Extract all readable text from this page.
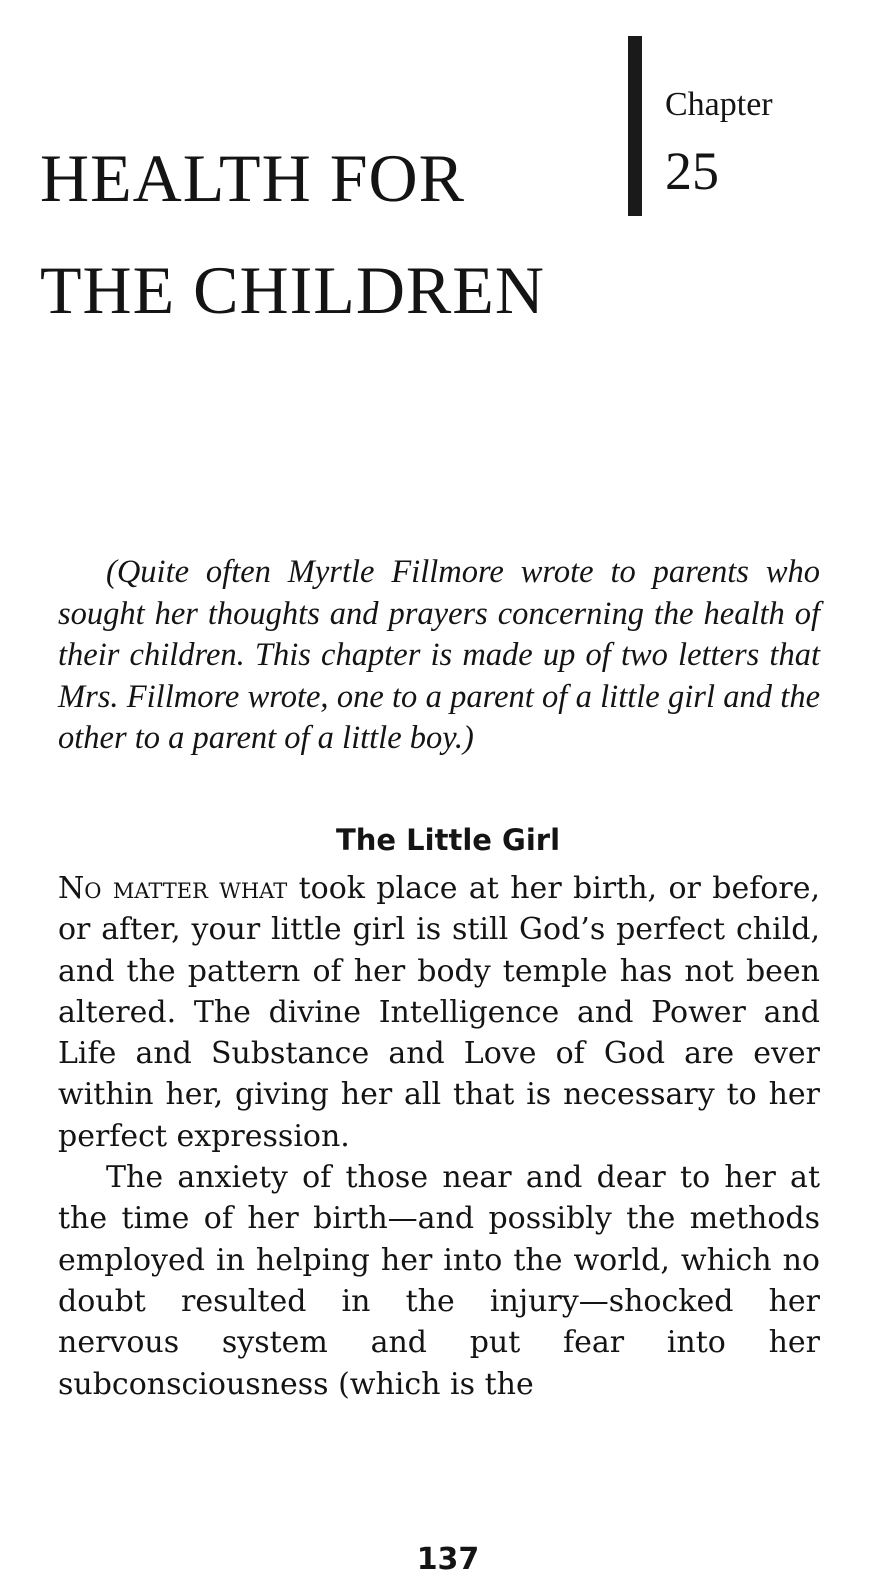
HEALTH FOR
THE CHILDREN
Chapter
25

(Quite often Myrtle Fillmore wrote to parents who sought her thoughts and prayers concerning the health of their children. This chapter is made up of two letters that Mrs. Fillmore wrote, one to a parent of a little girl and the other to a parent of a little boy.)

The Little Girl

No matter what took place at her birth, or before, or after, your little girl is still God’s perfect child, and the pattern of her body temple has not been altered. The divine Intelligence and Power and Life and Substance and Love of God are ever within her, giving her all that is necessary to her perfect expression.

The anxiety of those near and dear to her at the time of her birth—and possibly the methods employed in helping her into the world, which no doubt resulted in the injury—shocked her nervous system and put fear into her subconsciousness (which is the

137
